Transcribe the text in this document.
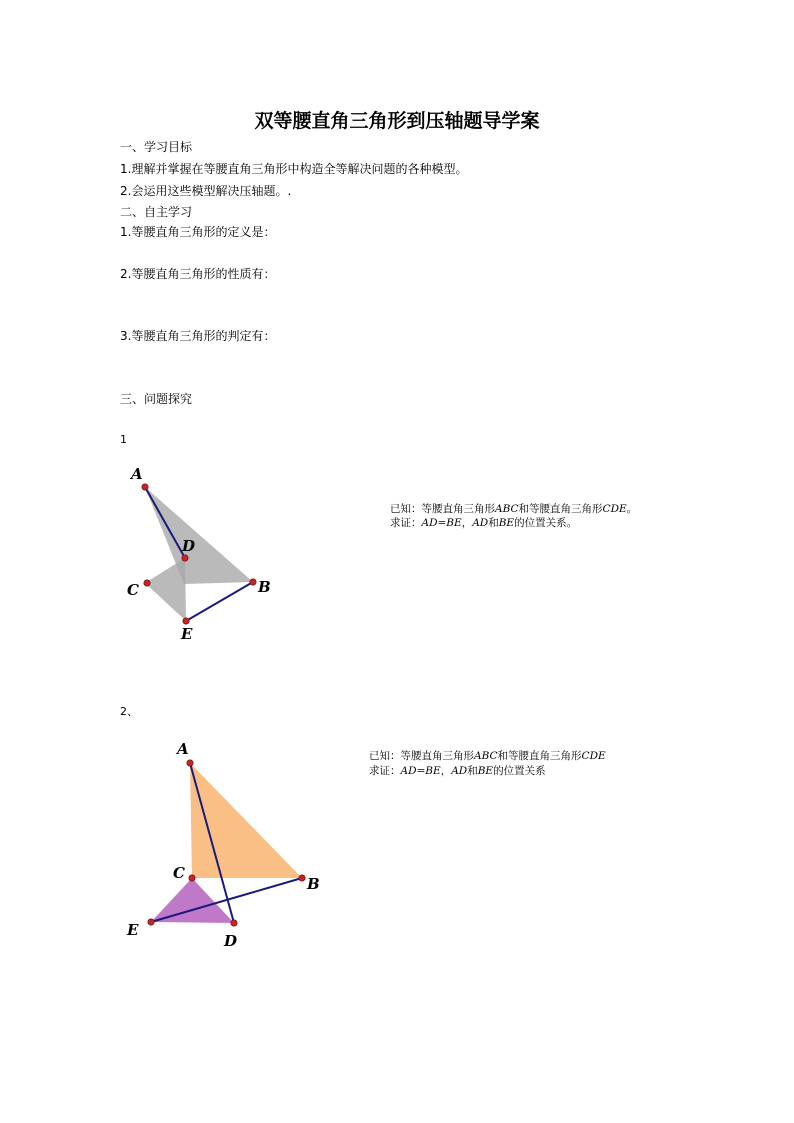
双等腰直角三角形到压轴题导学案
一、学习目标
1.理解并掌握在等腰直角三角形中构造全等解决问题的各种模型。
2.会运用这些模型解决压轴题。.
二、自主学习
1.等腰直角三角形的定义是：
2.等腰直角三角形的性质有：
3.等腰直角三角形的判定有：
三、问题探究
1
A
D
B
C
E
已知：等腰直角三角形ABC和等腰直角三角形CDE。
求证：AD=BE，AD和BE的位置关系。
2、
A
C
B
E
D
已知：等腰直角三角形ABC和等腰直角三角形CDE
求证：AD=BE，AD和BE的位置关系
